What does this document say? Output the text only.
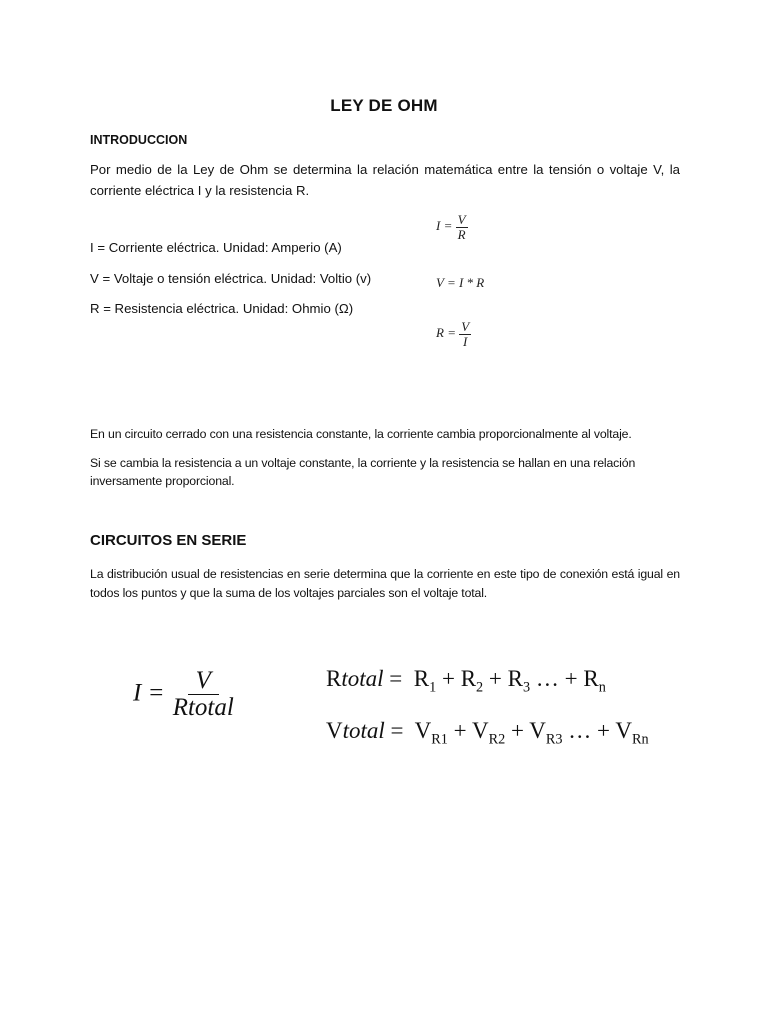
LEY DE OHM
INTRODUCCION
Por medio de la Ley de Ohm se determina la relación matemática entre la tensión o voltaje V, la corriente eléctrica I y la resistencia R.
I = Corriente eléctrica. Unidad: Amperio (A)
V = Voltaje o tensión eléctrica. Unidad: Voltio (v)
R = Resistencia eléctrica. Unidad: Ohmio (Ω)
$I = \frac{V}{R}$
V = I * R
$R = \frac{V}{I}$
En un circuito cerrado con una resistencia constante, la corriente cambia proporcionalmente al voltaje.
Si se cambia la resistencia a un voltaje constante, la corriente y la resistencia se hallan en una relación inversamente proporcional.
CIRCUITOS EN SERIE
La distribución usual de resistencias en serie determina que la corriente en este tipo de conexión está igual en todos los puntos y que la suma de los voltajes parciales son el voltaje total.
$I = \frac{V}{\text{Rtotal}}$	Rtotal =  $R_1 + R_2 + R_3$ … + $R_n$
Vtotal =  $V_{R1} + V_{R2} + V_{R3}$ … + $V_{Rn}$
